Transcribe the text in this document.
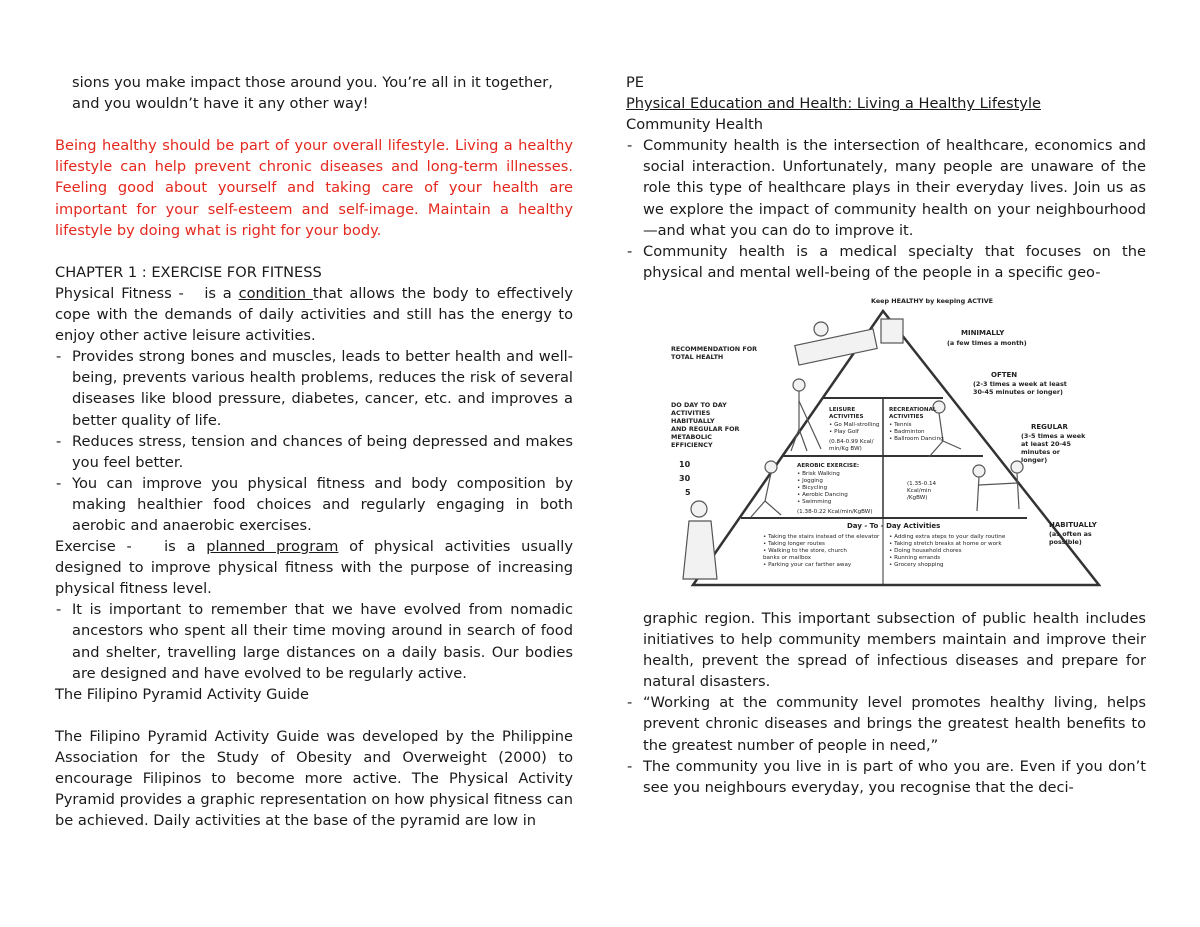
sions you make impact those around you. You’re all in it together,

and you wouldn’t have it any other way!

Being healthy should be part of your overall lifestyle. Living a healthy lifestyle can help prevent chronic diseases and long-term illnesses. Feeling good about yourself and taking care of your health are important for your self-esteem and self-image. Maintain a healthy lifestyle by doing what is right for your body.

CHAPTER 1 : EXERCISE FOR FITNESS

Physical Fitness - is a condition that allows the body to effectively cope with the demands of daily activities and still has the energy to enjoy other active leisure activities.

- Provides strong bones and muscles, leads to better health and well-being, prevents various health problems, reduces the risk of several diseases like blood pressure, diabetes, cancer, etc. and improves a better quality of life.
- Reduces stress, tension and chances of being depressed and makes you feel better.
- You can improve you physical fitness and body composition by making healthier food choices and regularly engaging in both aerobic and anaerobic exercises.

Exercise - is a planned program of physical activities usually designed to improve physical fitness with the purpose of increasing physical fitness level.

- It is important to remember that we have evolved from nomadic ancestors who spent all their time moving around in search of food and shelter, travelling large distances on a daily basis. Our bodies are designed and have evolved to be regularly active.

The Filipino Pyramid Activity Guide

The Filipino Pyramid Activity Guide was developed by the Philippine Association for the Study of Obesity and Overweight (2000) to encourage Filipinos to become more active. The Physical Activity Pyramid provides a graphic representation on how physical fitness can be achieved. Daily activities at the base of the pyramid are low in

PE

Physical Education and Health: Living a Healthy Lifestyle

Community Health

- Community health is the intersection of healthcare, economics and social interaction. Unfortunately, many people are unaware of the role this type of healthcare plays in their everyday lives. Join us as we explore the impact of community health on your neighbourhood—and what you can do to improve it.
- Community health is a medical specialty that focuses on the physical and mental well-being of the people in a specific geo-
Keep HEALTHY by keeping ACTIVE
RECOMMENDATION FOR
TOTAL HEALTH
DO DAY TO DAY
ACTIVITIES
HABITUALLY
AND REGULAR FOR
METABOLIC
EFFICIENCY
10
30
5
MINIMALLY
(a few times a month)
OFTEN
(2-3 times a week at least
30-45 minutes or longer)
REGULAR
(3-5 times a week
at least 20-45
minutes or
longer)
HABITUALLY
(as often as
possible)
LEISURE
ACTIVITIES
• Go Mall-strolling
• Play Golf
(0.84-0.99 Kcal/
min/Kg BW)
AEROBIC EXERCISE:
• Brisk Walking
• Jogging
• Bicycling
• Aerobic Dancing
• Swimming
(1.38-0.22 Kcal/min/KgBW)
RECREATIONAL
ACTIVITIES
• Tennis
• Badminton
• Ballroom Dancing
(1.35-0.14
Kcal/min
/KgBW)
Day - To - Day Activities
• Taking the stairs instead of the elevator
• Taking longer routes
• Walking to the store, church
banks or mailbox
• Parking your car farther away
• Adding extra steps to your daily routine
• Taking stretch breaks at home or work
• Doing household chores
• Running errands
• Grocery shopping

graphic region. This important subsection of public health includes initiatives to help community members maintain and improve their health, prevent the spread of infectious diseases and prepare for natural disasters.

- “Working at the community level promotes healthy living, helps prevent chronic diseases and brings the greatest health benefits to the greatest number of people in need,”
- The community you live in is part of who you are. Even if you don’t see you neighbours everyday, you recognise that the deci-
